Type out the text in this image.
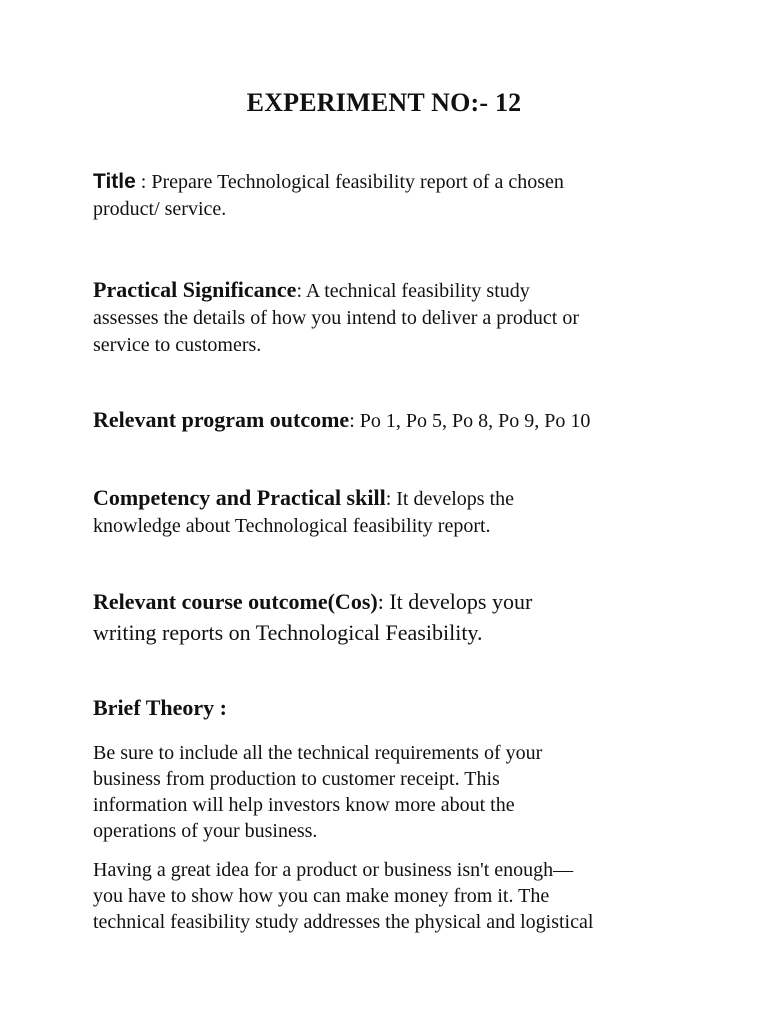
EXPERIMENT NO:- 12
Title : Prepare Technological feasibility report of a chosen
product/ service.
Practical Significance: A technical feasibility study
assesses the details of how you intend to deliver a product or
service to customers.
Relevant program outcome: Po 1, Po 5, Po 8, Po 9, Po 10
Competency and Practical skill: It develops the
knowledge about Technological feasibility report.
Relevant course outcome(Cos): It develops your
writing reports on Technological Feasibility.
Brief Theory :
Be sure to include all the technical requirements of your
business from production to customer receipt. This
information will help investors know more about the
operations of your business.
Having a great idea for a product or business isn't enough—
you have to show how you can make money from it. The
technical feasibility study addresses the physical and logistical
